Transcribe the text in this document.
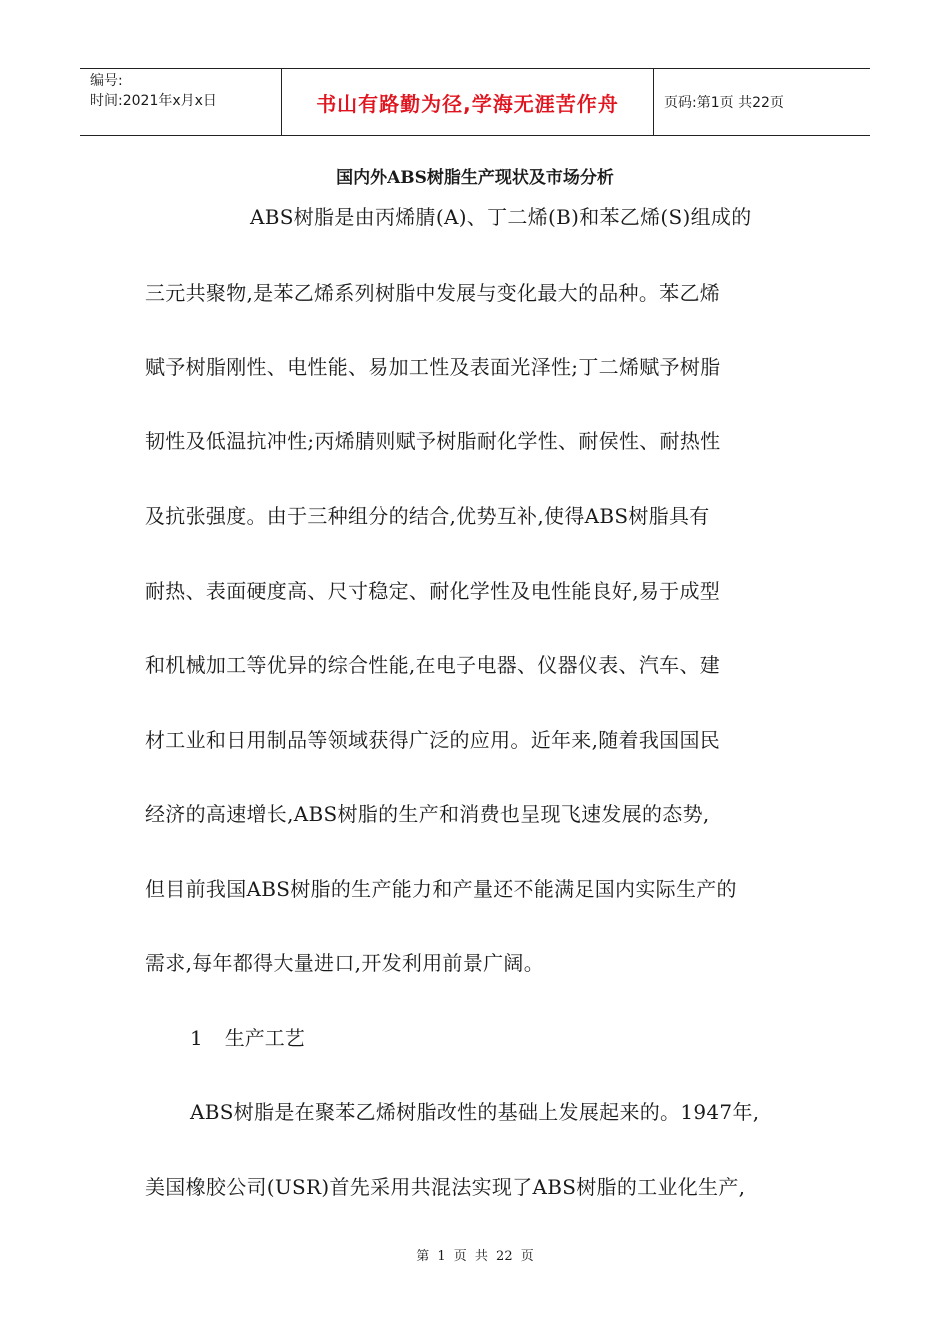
编号:
时间:2021年x月x日	书山有路勤为径,学海无涯苦作舟	页码:第1页 共22页
国内外ABS树脂生产现状及市场分析
ABS树脂是由丙烯腈(A)、丁二烯(B)和苯乙烯(S)组成的
三元共聚物,是苯乙烯系列树脂中发展与变化最大的品种。苯乙烯
赋予树脂刚性、电性能、易加工性及表面光泽性;丁二烯赋予树脂
韧性及低温抗冲性;丙烯腈则赋予树脂耐化学性、耐侯性、耐热性
及抗张强度。由于三种组分的结合,优势互补,使得ABS树脂具有
耐热、表面硬度高、尺寸稳定、耐化学性及电性能良好,易于成型
和机械加工等优异的综合性能,在电子电器、仪器仪表、汽车、建
材工业和日用制品等领域获得广泛的应用。近年来,随着我国国民
经济的高速增长,ABS树脂的生产和消费也呈现飞速发展的态势,
但目前我国ABS树脂的生产能力和产量还不能满足国内实际生产的
需求,每年都得大量进口,开发利用前景广阔。
1 生产工艺
ABS树脂是在聚苯乙烯树脂改性的基础上发展起来的。1947年,
美国橡胶公司(USR)首先采用共混法实现了ABS树脂的工业化生产,
第 1 页 共 22 页
